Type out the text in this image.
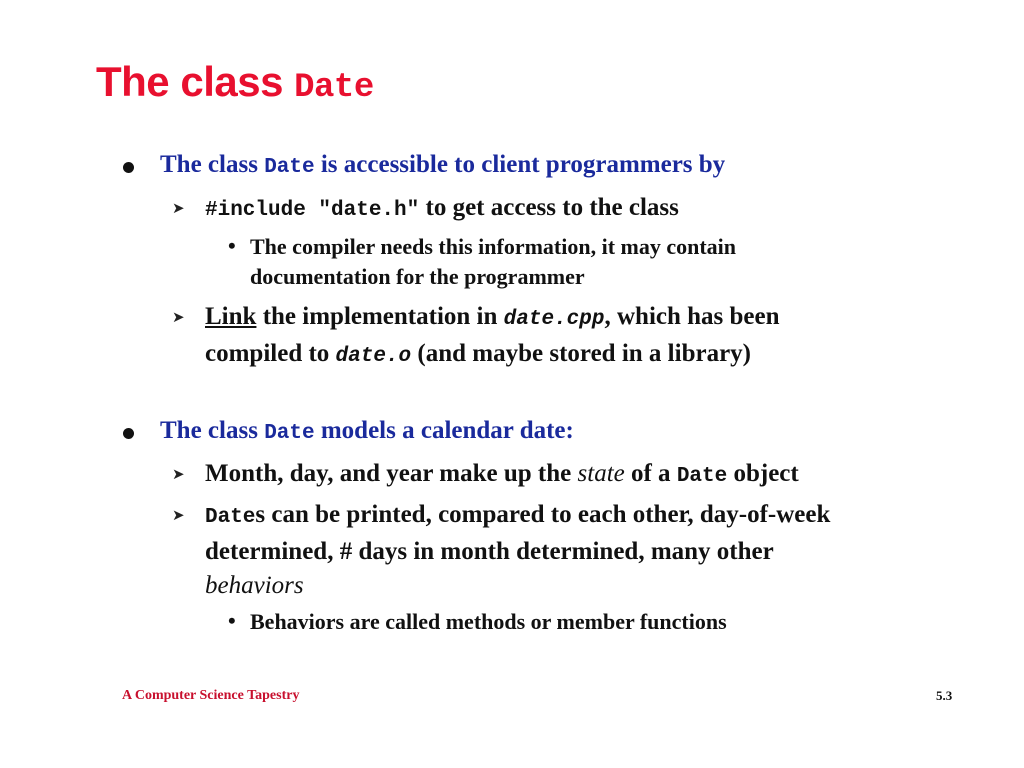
The class Date
The class Date is accessible to client programmers by
➤ #include "date.h" to get access to the class
• The compiler needs this information, it may contain
documentation for the programmer
➤ Link the implementation in date.cpp, which has been
compiled to date.o (and maybe stored in a library)
The class Date models a calendar date:
➤ Month, day, and year make up the state of a Date object
➤ Dates can be printed, compared to each other, day-of-week
determined, # days in month determined, many other
behaviors
• Behaviors are called methods or member functions
A Computer Science Tapestry	5.3
